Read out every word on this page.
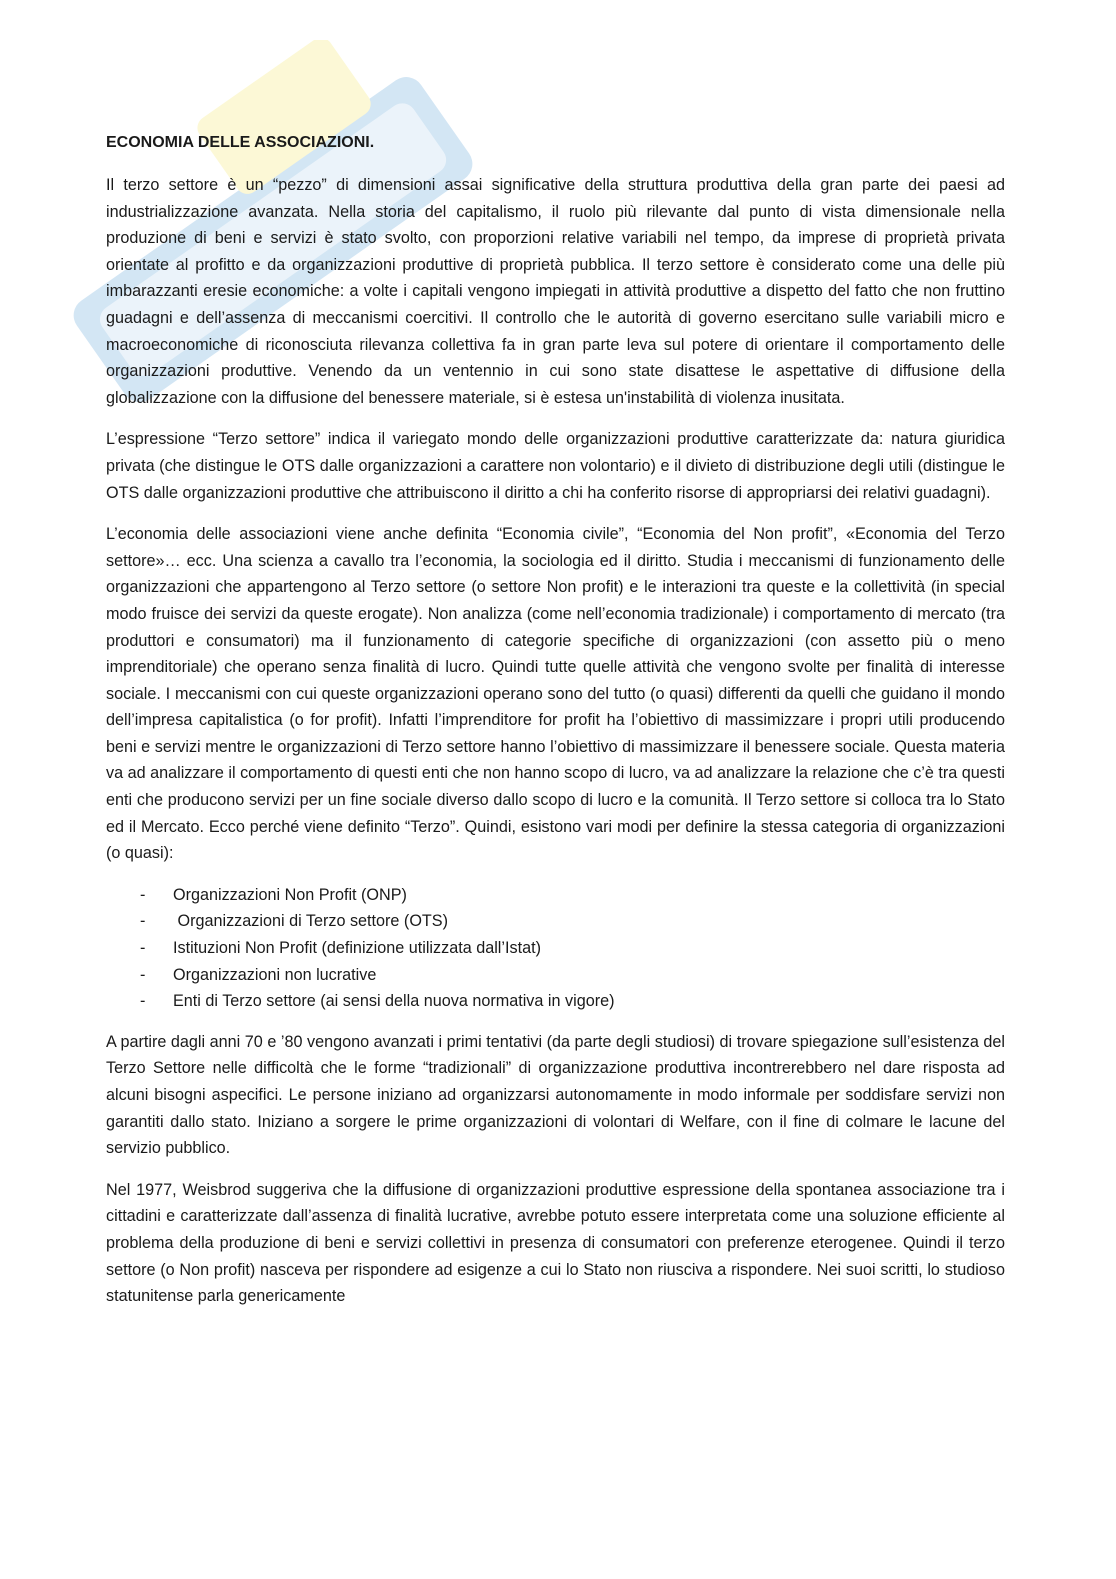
ECONOMIA DELLE ASSOCIAZIONI.

Il terzo settore è un “pezzo” di dimensioni assai significative della struttura produttiva della gran parte dei paesi ad industrializzazione avanzata. Nella storia del capitalismo, il ruolo più rilevante dal punto di vista dimensionale nella produzione di beni e servizi è stato svolto, con proporzioni relative variabili nel tempo, da imprese di proprietà privata orientate al profitto e da organizzazioni produttive di proprietà pubblica. Il terzo settore è considerato come una delle più imbarazzanti eresie economiche: a volte i capitali vengono impiegati in attività produttive a dispetto del fatto che non fruttino guadagni e dell’assenza di meccanismi coercitivi. Il controllo che le autorità di governo esercitano sulle variabili micro e macroeconomiche di riconosciuta rilevanza collettiva fa in gran parte leva sul potere di orientare il comportamento delle organizzazioni produttive. Venendo da un ventennio in cui sono state disattese le aspettative di diffusione della globalizzazione con la diffusione del benessere materiale, si è estesa un'instabilità di violenza inusitata.

L’espressione “Terzo settore” indica il variegato mondo delle organizzazioni produttive caratterizzate da: natura giuridica privata (che distingue le OTS dalle organizzazioni a carattere non volontario) e il divieto di distribuzione degli utili (distingue le OTS dalle organizzazioni produttive che attribuiscono il diritto a chi ha conferito risorse di appropriarsi dei relativi guadagni).

L’economia delle associazioni viene anche definita “Economia civile”, “Economia del Non profit”, «Economia del Terzo settore»… ecc. Una scienza a cavallo tra l’economia, la sociologia ed il diritto. Studia i meccanismi di funzionamento delle organizzazioni che appartengono al Terzo settore (o settore Non profit) e le interazioni tra queste e la collettività (in special modo fruisce dei servizi da queste erogate). Non analizza (come nell’economia tradizionale) i comportamento di mercato (tra produttori e consumatori) ma il funzionamento di categorie specifiche di organizzazioni (con assetto più o meno imprenditoriale) che operano senza finalità di lucro. Quindi tutte quelle attività che vengono svolte per finalità di interesse sociale. I meccanismi con cui queste organizzazioni operano sono del tutto (o quasi) differenti da quelli che guidano il mondo dell’impresa capitalistica (o for profit). Infatti l’imprenditore for profit ha l’obiettivo di massimizzare i propri utili producendo beni e servizi mentre le organizzazioni di Terzo settore hanno l’obiettivo di massimizzare il benessere sociale. Questa materia va ad analizzare il comportamento di questi enti che non hanno scopo di lucro, va ad analizzare la relazione che c’è tra questi enti che producono servizi per un fine sociale diverso dallo scopo di lucro e la comunità. Il Terzo settore si colloca tra lo Stato ed il Mercato. Ecco perché viene definito “Terzo”. Quindi, esistono vari modi per definire la stessa categoria di organizzazioni (o quasi):

- Organizzazioni Non Profit (ONP)
-  Organizzazioni di Terzo settore (OTS)
- Istituzioni Non Profit (definizione utilizzata dall’Istat)
- Organizzazioni non lucrative
- Enti di Terzo settore (ai sensi della nuova normativa in vigore)

A partire dagli anni 70 e ’80 vengono avanzati i primi tentativi (da parte degli studiosi) di trovare spiegazione sull’esistenza del Terzo Settore nelle difficoltà che le forme “tradizionali” di organizzazione produttiva incontrerebbero nel dare risposta ad alcuni bisogni aspecifici. Le persone iniziano ad organizzarsi autonomamente in modo informale per soddisfare servizi non garantiti dallo stato. Iniziano a sorgere le prime organizzazioni di volontari di Welfare, con il fine di colmare le lacune del servizio pubblico.

Nel 1977, Weisbrod suggeriva che la diffusione di organizzazioni produttive espressione della spontanea associazione tra i cittadini e caratterizzate dall’assenza di finalità lucrative, avrebbe potuto essere interpretata come una soluzione efficiente al problema della produzione di beni e servizi collettivi in presenza di consumatori con preferenze eterogenee. Quindi il terzo settore (o Non profit) nasceva per rispondere ad esigenze a cui lo Stato non riusciva a rispondere. Nei suoi scritti, lo studioso statunitense parla genericamente
